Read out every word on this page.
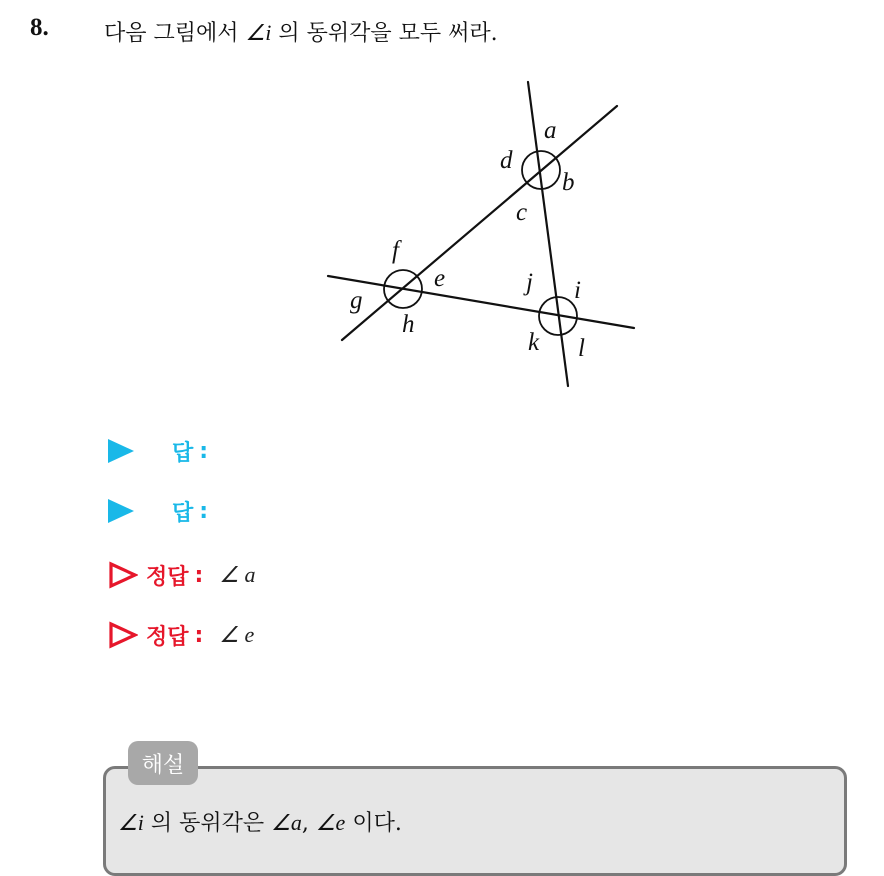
8.	다음 그림에서 ∠i 의 동위각을 모두 써라.
a
b
c
d
e
f
g
h
i
j
k l
답 :
답 :
정답 : ∠ a
정답 : ∠ e
해설
∠i 의 동위각은 ∠a, ∠e 이다.
